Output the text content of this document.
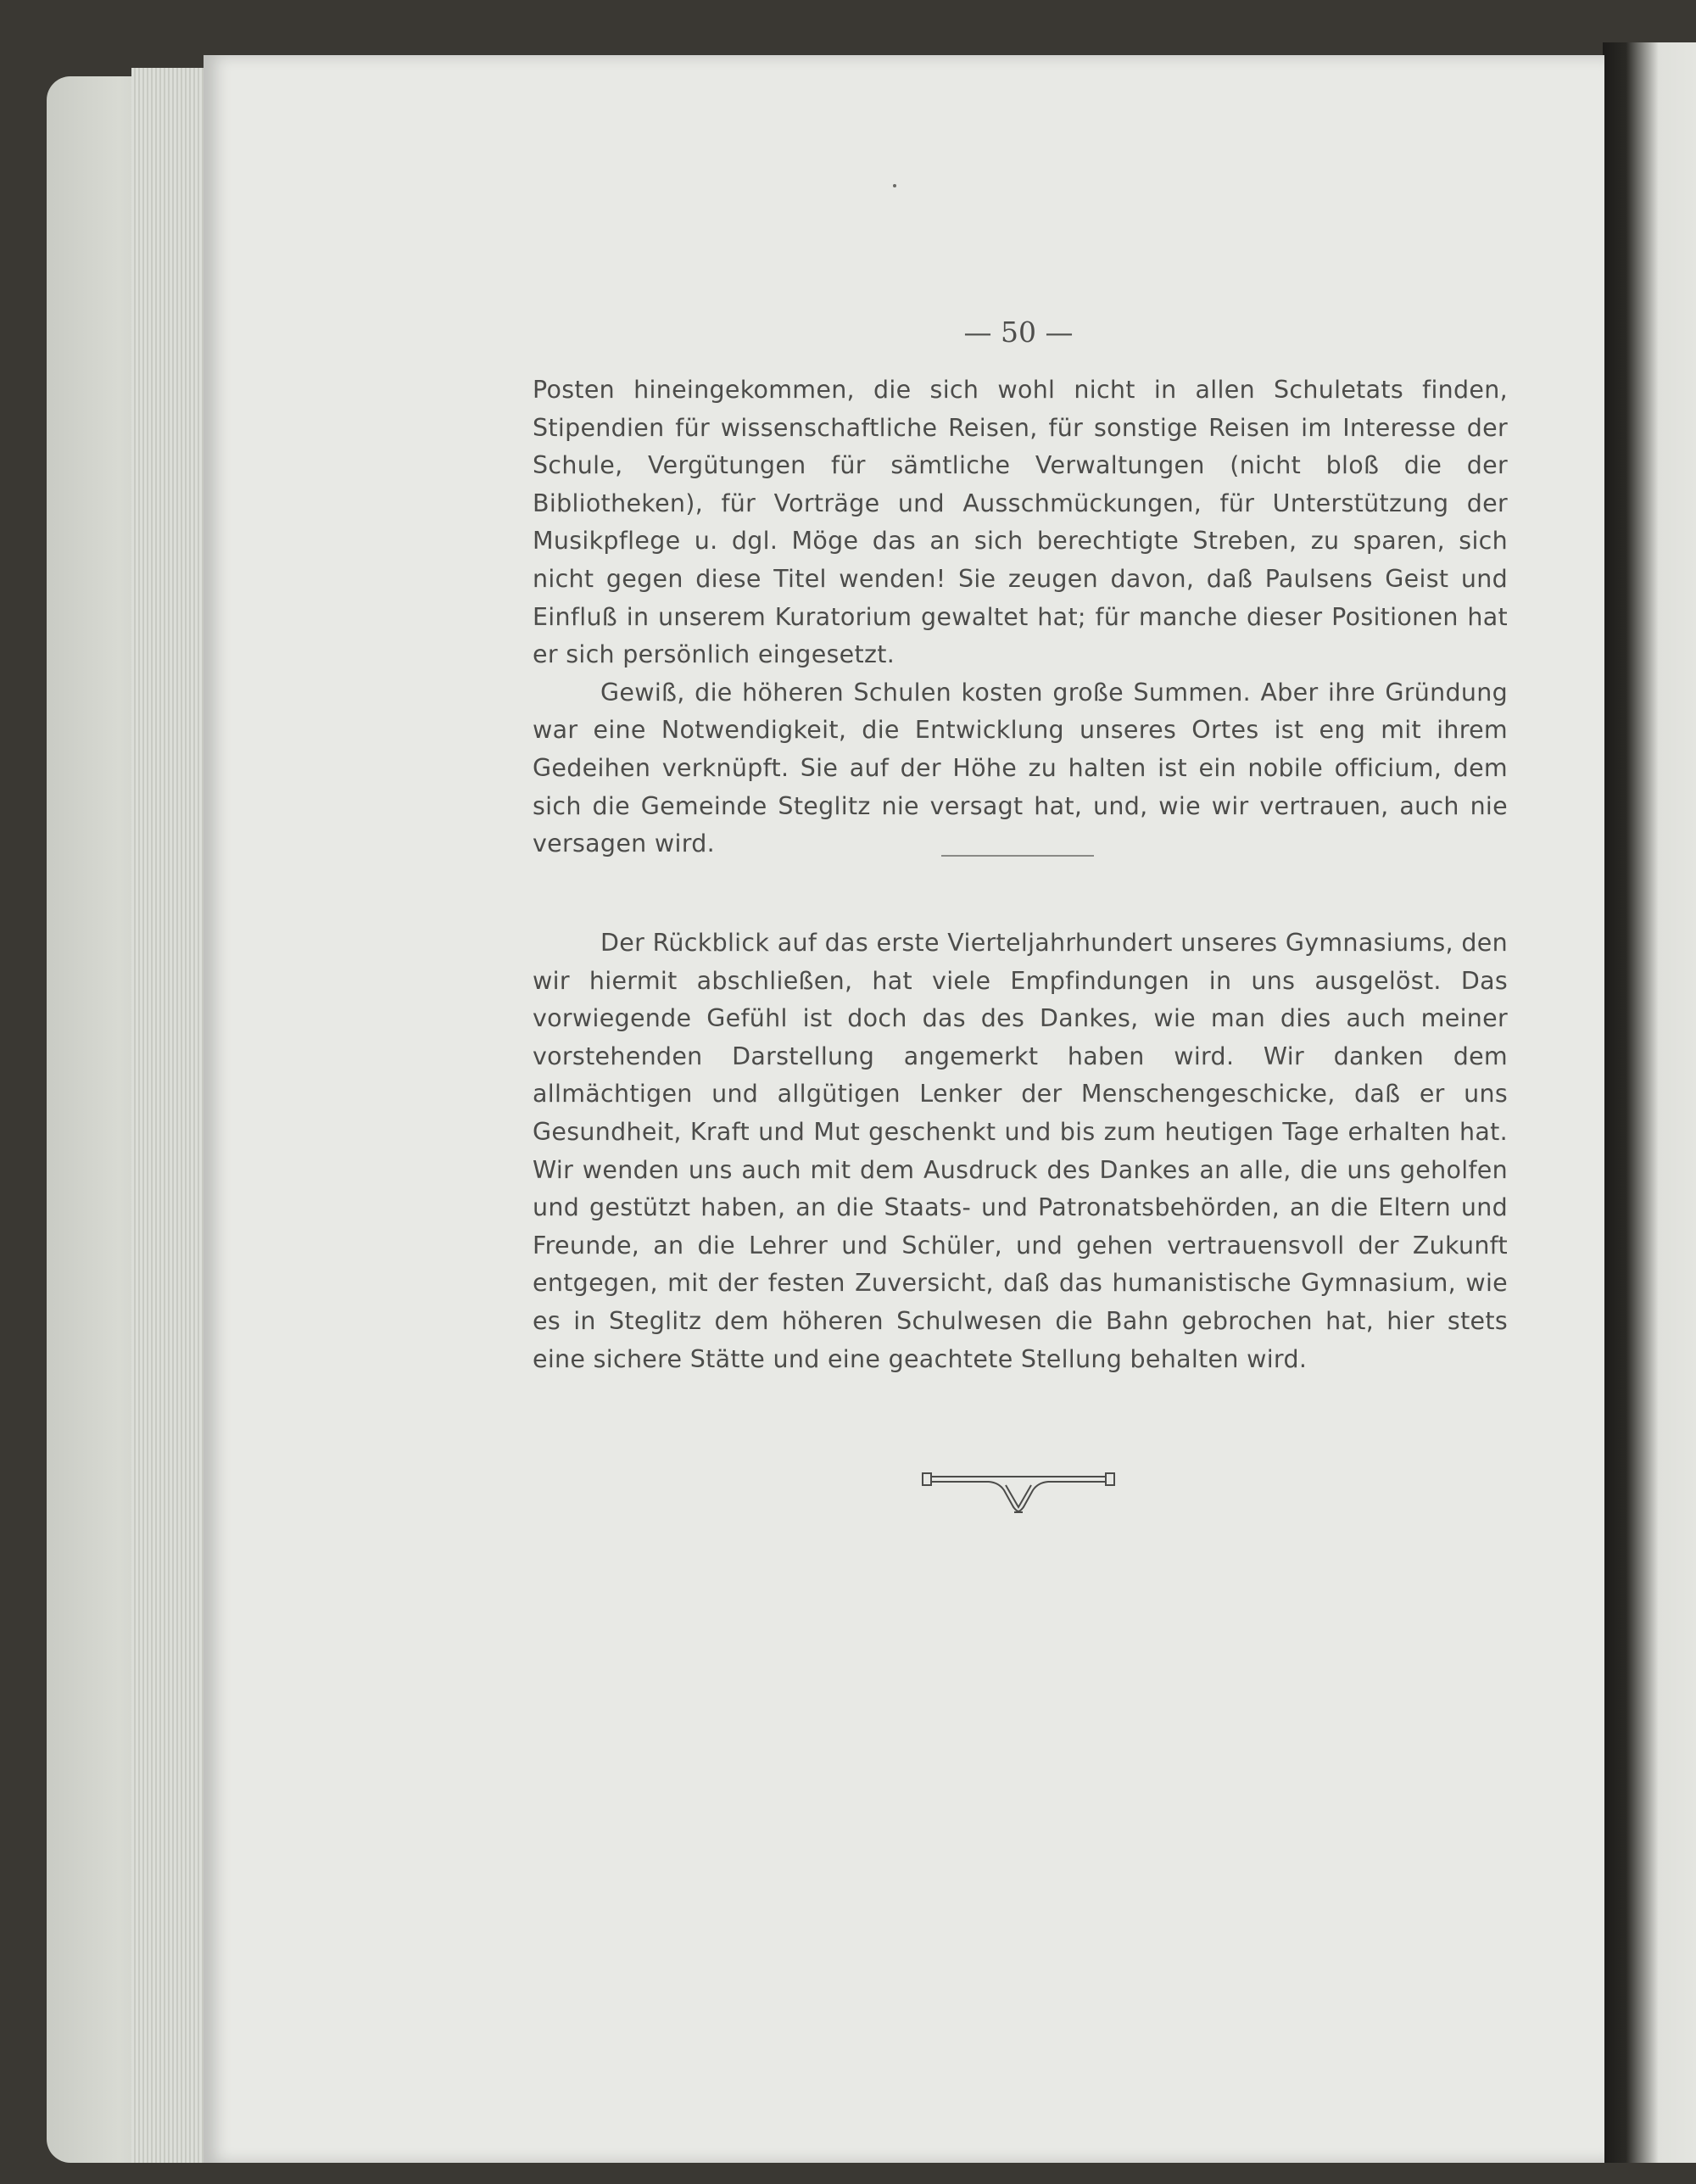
— 50 —

Posten hineingekommen, die sich wohl nicht in allen Schuletats finden, Stipendien für wissenschaftliche Reisen, für sonstige Reisen im Interesse der Schule, Vergütungen für sämtliche Verwaltungen (nicht bloß die der Bibliotheken), für Vorträge und Ausschmückungen, für Unterstützung der Musikpflege u. dgl. Möge das an sich berechtigte Streben, zu sparen, sich nicht gegen diese Titel wenden! Sie zeugen davon, daß Paulsens Geist und Einfluß in unserem Kuratorium gewaltet hat; für manche dieser Positionen hat er sich persönlich eingesetzt.

Gewiß, die höheren Schulen kosten große Summen. Aber ihre Gründung war eine Notwendigkeit, die Entwicklung unseres Ortes ist eng mit ihrem Gedeihen verknüpft. Sie auf der Höhe zu halten ist ein nobile officium, dem sich die Gemeinde Steglitz nie versagt hat, und, wie wir vertrauen, auch nie versagen wird.

Der Rückblick auf das erste Vierteljahrhundert unseres Gymnasiums, den wir hiermit abschließen, hat viele Empfindungen in uns ausgelöst. Das vorwiegende Gefühl ist doch das des Dankes, wie man dies auch meiner vorstehenden Darstellung angemerkt haben wird. Wir danken dem allmächtigen und allgütigen Lenker der Menschengeschicke, daß er uns Gesundheit, Kraft und Mut geschenkt und bis zum heutigen Tage erhalten hat. Wir wenden uns auch mit dem Ausdruck des Dankes an alle, die uns geholfen und gestützt haben, an die Staats- und Patronatsbehörden, an die Eltern und Freunde, an die Lehrer und Schüler, und gehen vertrauensvoll der Zukunft entgegen, mit der festen Zuversicht, daß das humanistische Gymnasium, wie es in Steglitz dem höheren Schulwesen die Bahn gebrochen hat, hier stets eine sichere Stätte und eine geachtete Stellung behalten wird.
